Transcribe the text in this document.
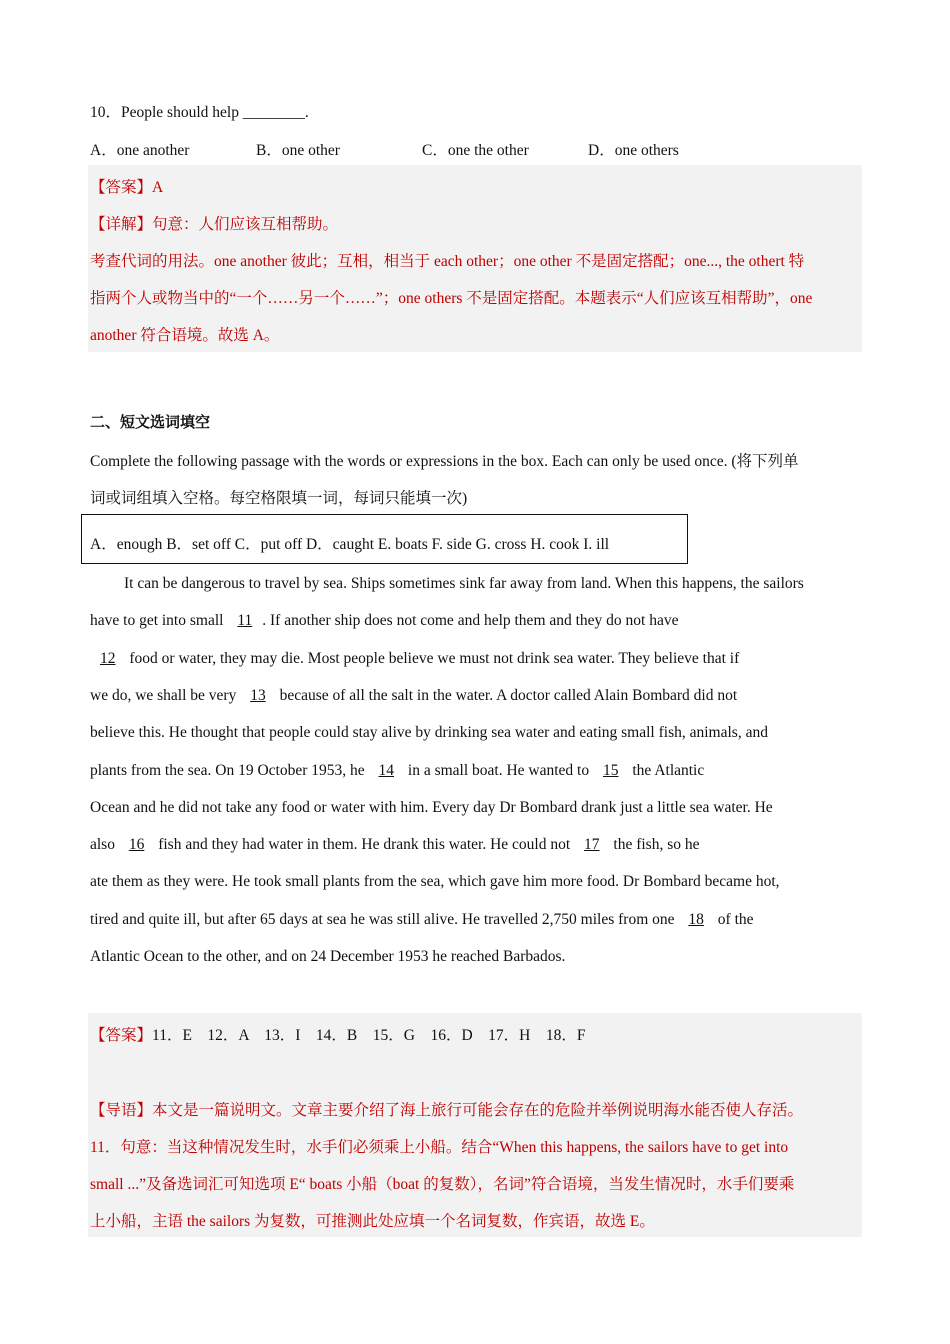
10．People should help ________.
A．one another	B．one other	C．one the other	D．one others
【答案】A
【详解】句意：人们应该互相帮助。
考查代词的用法。one another 彼此；互相，相当于 each other；one other 不是固定搭配；one..., the othert 特
指两个人或物当中的“一个……另一个……”；one others 不是固定搭配。本题表示“人们应该互相帮助”，one
another 符合语境。故选 A。
二、短文选词填空
Complete the following passage with the words or expressions in the box. Each can only be used once. (将下列单
词或词组填入空格。每空格限填一词，每词只能填一次)
A．enough B．set off C．put off D．caught E. boats F. side G. cross H. cook I. ill
It can be dangerous to travel by sea. Ships sometimes sink far away from land. When this happens, the sailors
have to get into small 11 . If another ship does not come and help them and they do not have
12 food or water, they may die. Most people believe we must not drink sea water. They believe that if
we do, we shall be very 13 because of all the salt in the water. A doctor called Alain Bombard did not
believe this. He thought that people could stay alive by drinking sea water and eating small fish, animals, and
plants from the sea. On 19 October 1953, he 14 in a small boat. He wanted to 15 the Atlantic
Ocean and he did not take any food or water with him. Every day Dr Bombard drank just a little sea water. He
also 16 fish and they had water in them. He drank this water. He could not 17 the fish, so he
ate them as they were. He took small plants from the sea, which gave him more food. Dr Bombard became hot,
tired and quite ill, but after 65 days at sea he was still alive. He travelled 2,750 miles from one 18 of the
Atlantic Ocean to the other, and on 24 December 1953 he reached Barbados.
【答案】11．E　12．A　13．I　14．B　15．G　16．D　17．H　18．F
【导语】本文是一篇说明文。文章主要介绍了海上旅行可能会存在的危险并举例说明海水能否使人存活。
11．句意：当这种情况发生时，水手们必须乘上小船。结合“When this happens, the sailors have to get into
small ...”及备选词汇可知选项 E“ boats 小船（boat 的复数），名词”符合语境，当发生情况时，水手们要乘
上小船，主语 the sailors 为复数，可推测此处应填一个名词复数，作宾语，故选 E。
